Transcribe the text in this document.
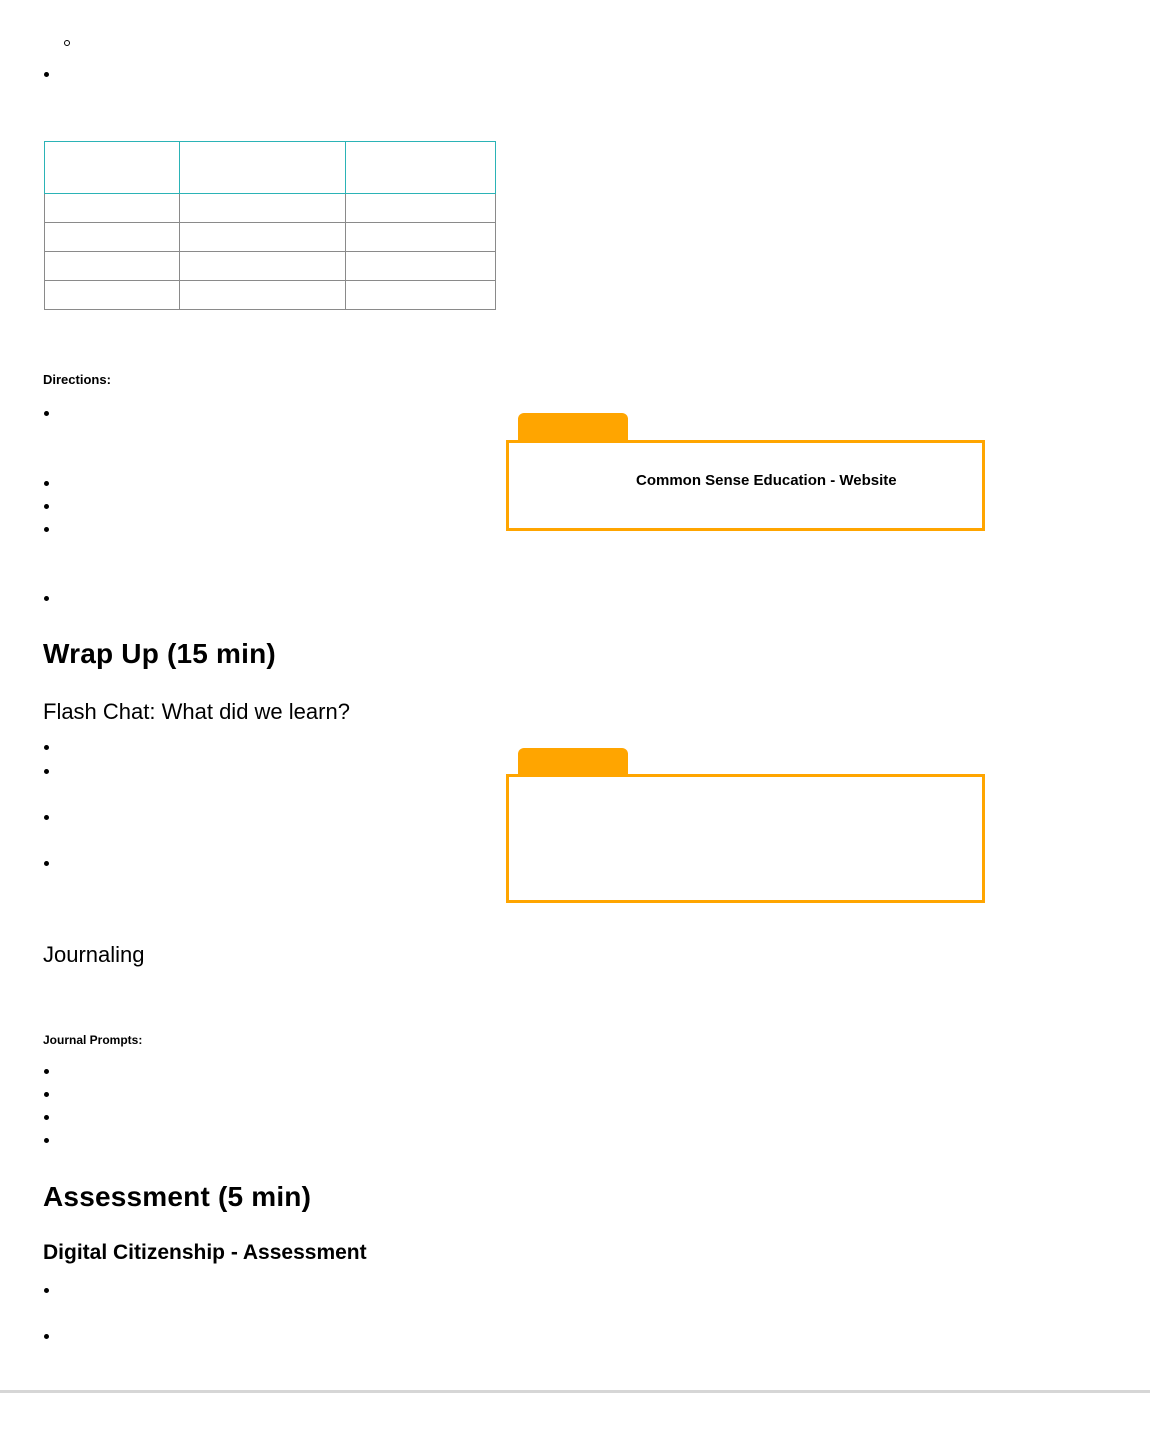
Directions:
Common Sense Education - Website
Wrap Up (15 min)
Flash Chat: What did we learn?
Journaling
Journal Prompts:
Assessment (5 min)
Digital Citizenship - Assessment
